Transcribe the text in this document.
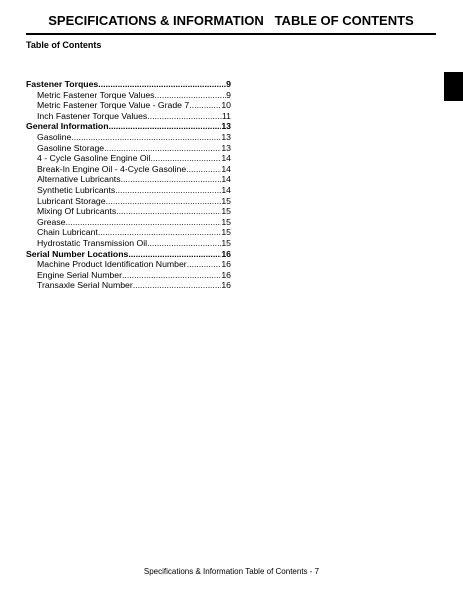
SPECIFICATIONS & INFORMATION TABLE OF CONTENTS
Table of Contents
Fastener Torques .....	9
Metric Fastener Torque Values .....	9
Metric Fastener Torque Value - Grade 7 .....	10
Inch Fastener Torque Values .....	11
General Information .....	13
Gasoline .....	13
Gasoline Storage .....	13
4 - Cycle Gasoline Engine Oil .....	14
Break-In Engine Oil - 4-Cycle Gasoline .....	14
Alternative Lubricants .....	14
Synthetic Lubricants .....	14
Lubricant Storage .....	15
Mixing Of Lubricants .....	15
Grease .....	15
Chain Lubricant .....	15
Hydrostatic Transmission Oil .....	15
Serial Number Locations .....	16
Machine Product Identification Number .....	16
Engine Serial Number .....	16
Transaxle Serial Number .....	16
Specifications & Information Table of Contents - 7
